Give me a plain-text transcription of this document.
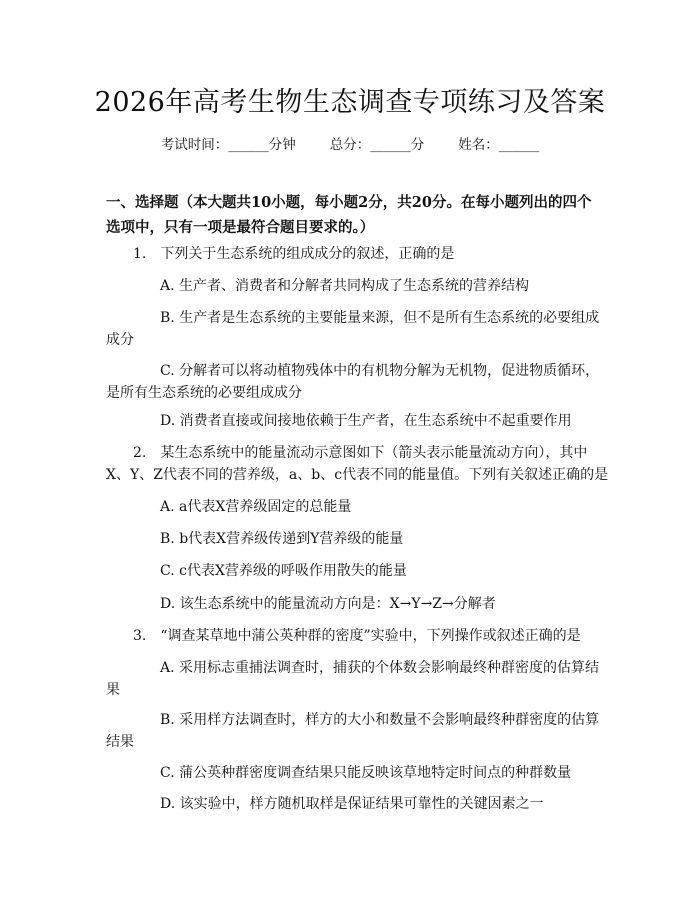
2026年高考生物生态调查专项练习及答案
考试时间：______分钟	总分：______分	姓名：______
一、选择题（本大题共10小题，每小题2分，共20分。在每小题列出的四个选项中，只有一项是最符合题目要求的。）
1.　下列关于生态系统的组成成分的叙述，正确的是
A. 生产者、消费者和分解者共同构成了生态系统的营养结构
B. 生产者是生态系统的主要能量来源，但不是所有生态系统的必要组成
成分
C. 分解者可以将动植物残体中的有机物分解为无机物，促进物质循环，
是所有生态系统的必要组成成分
D. 消费者直接或间接地依赖于生产者，在生态系统中不起重要作用
2.　某生态系统中的能量流动示意图如下（箭头表示能量流动方向），其中
X、Y、Z代表不同的营养级，a、b、c代表不同的能量值。下列有关叙述正确的是
A. a代表X营养级固定的总能量
B. b代表X营养级传递到Y营养级的能量
C. c代表X营养级的呼吸作用散失的能量
D. 该生态系统中的能量流动方向是：X→Y→Z→分解者
3.　“调查某草地中蒲公英种群的密度”实验中，下列操作或叙述正确的是
A. 采用标志重捕法调查时，捕获的个体数会影响最终种群密度的估算结
果
B. 采用样方法调查时，样方的大小和数量不会影响最终种群密度的估算
结果
C. 蒲公英种群密度调查结果只能反映该草地特定时间点的种群数量
D. 该实验中，样方随机取样是保证结果可靠性的关键因素之一
